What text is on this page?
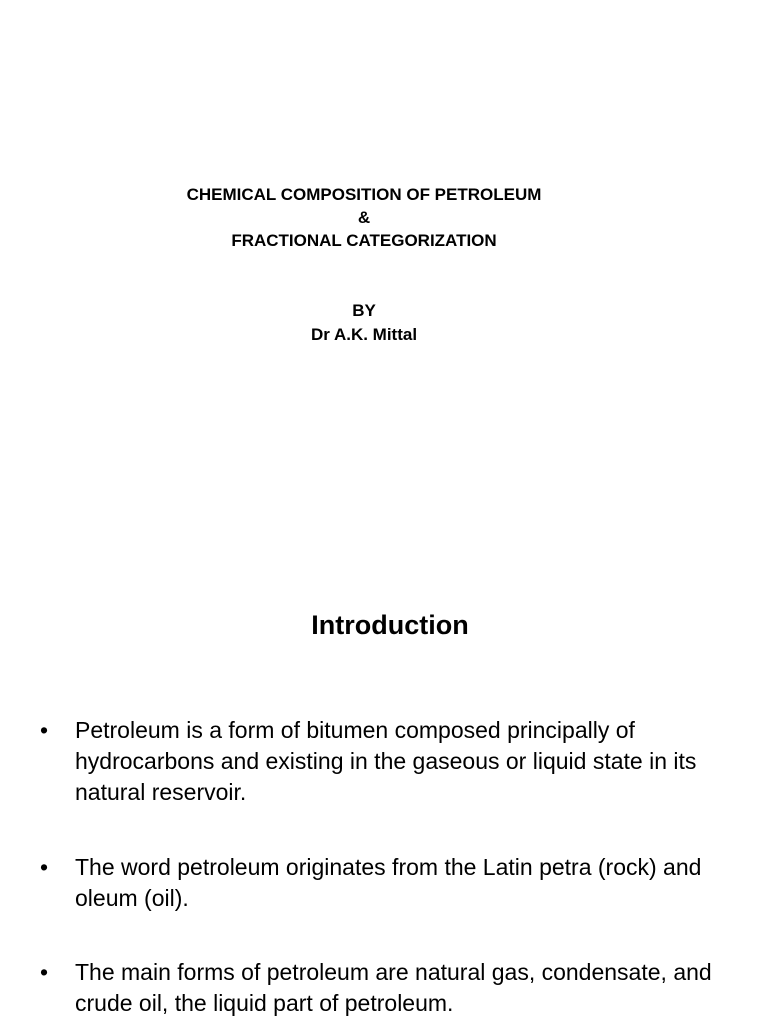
CHEMICAL COMPOSITION OF PETROLEUM
&
FRACTIONAL CATEGORIZATION
BY
Dr A.K. Mittal
Introduction
•	Petroleum is a form of bitumen composed principally of hydrocarbons and existing in the gaseous or liquid state in its natural reservoir.
•	The word petroleum originates from the Latin petra (rock) and oleum (oil).
•	The main forms of petroleum are natural gas, condensate, and crude oil, the liquid part of petroleum.
